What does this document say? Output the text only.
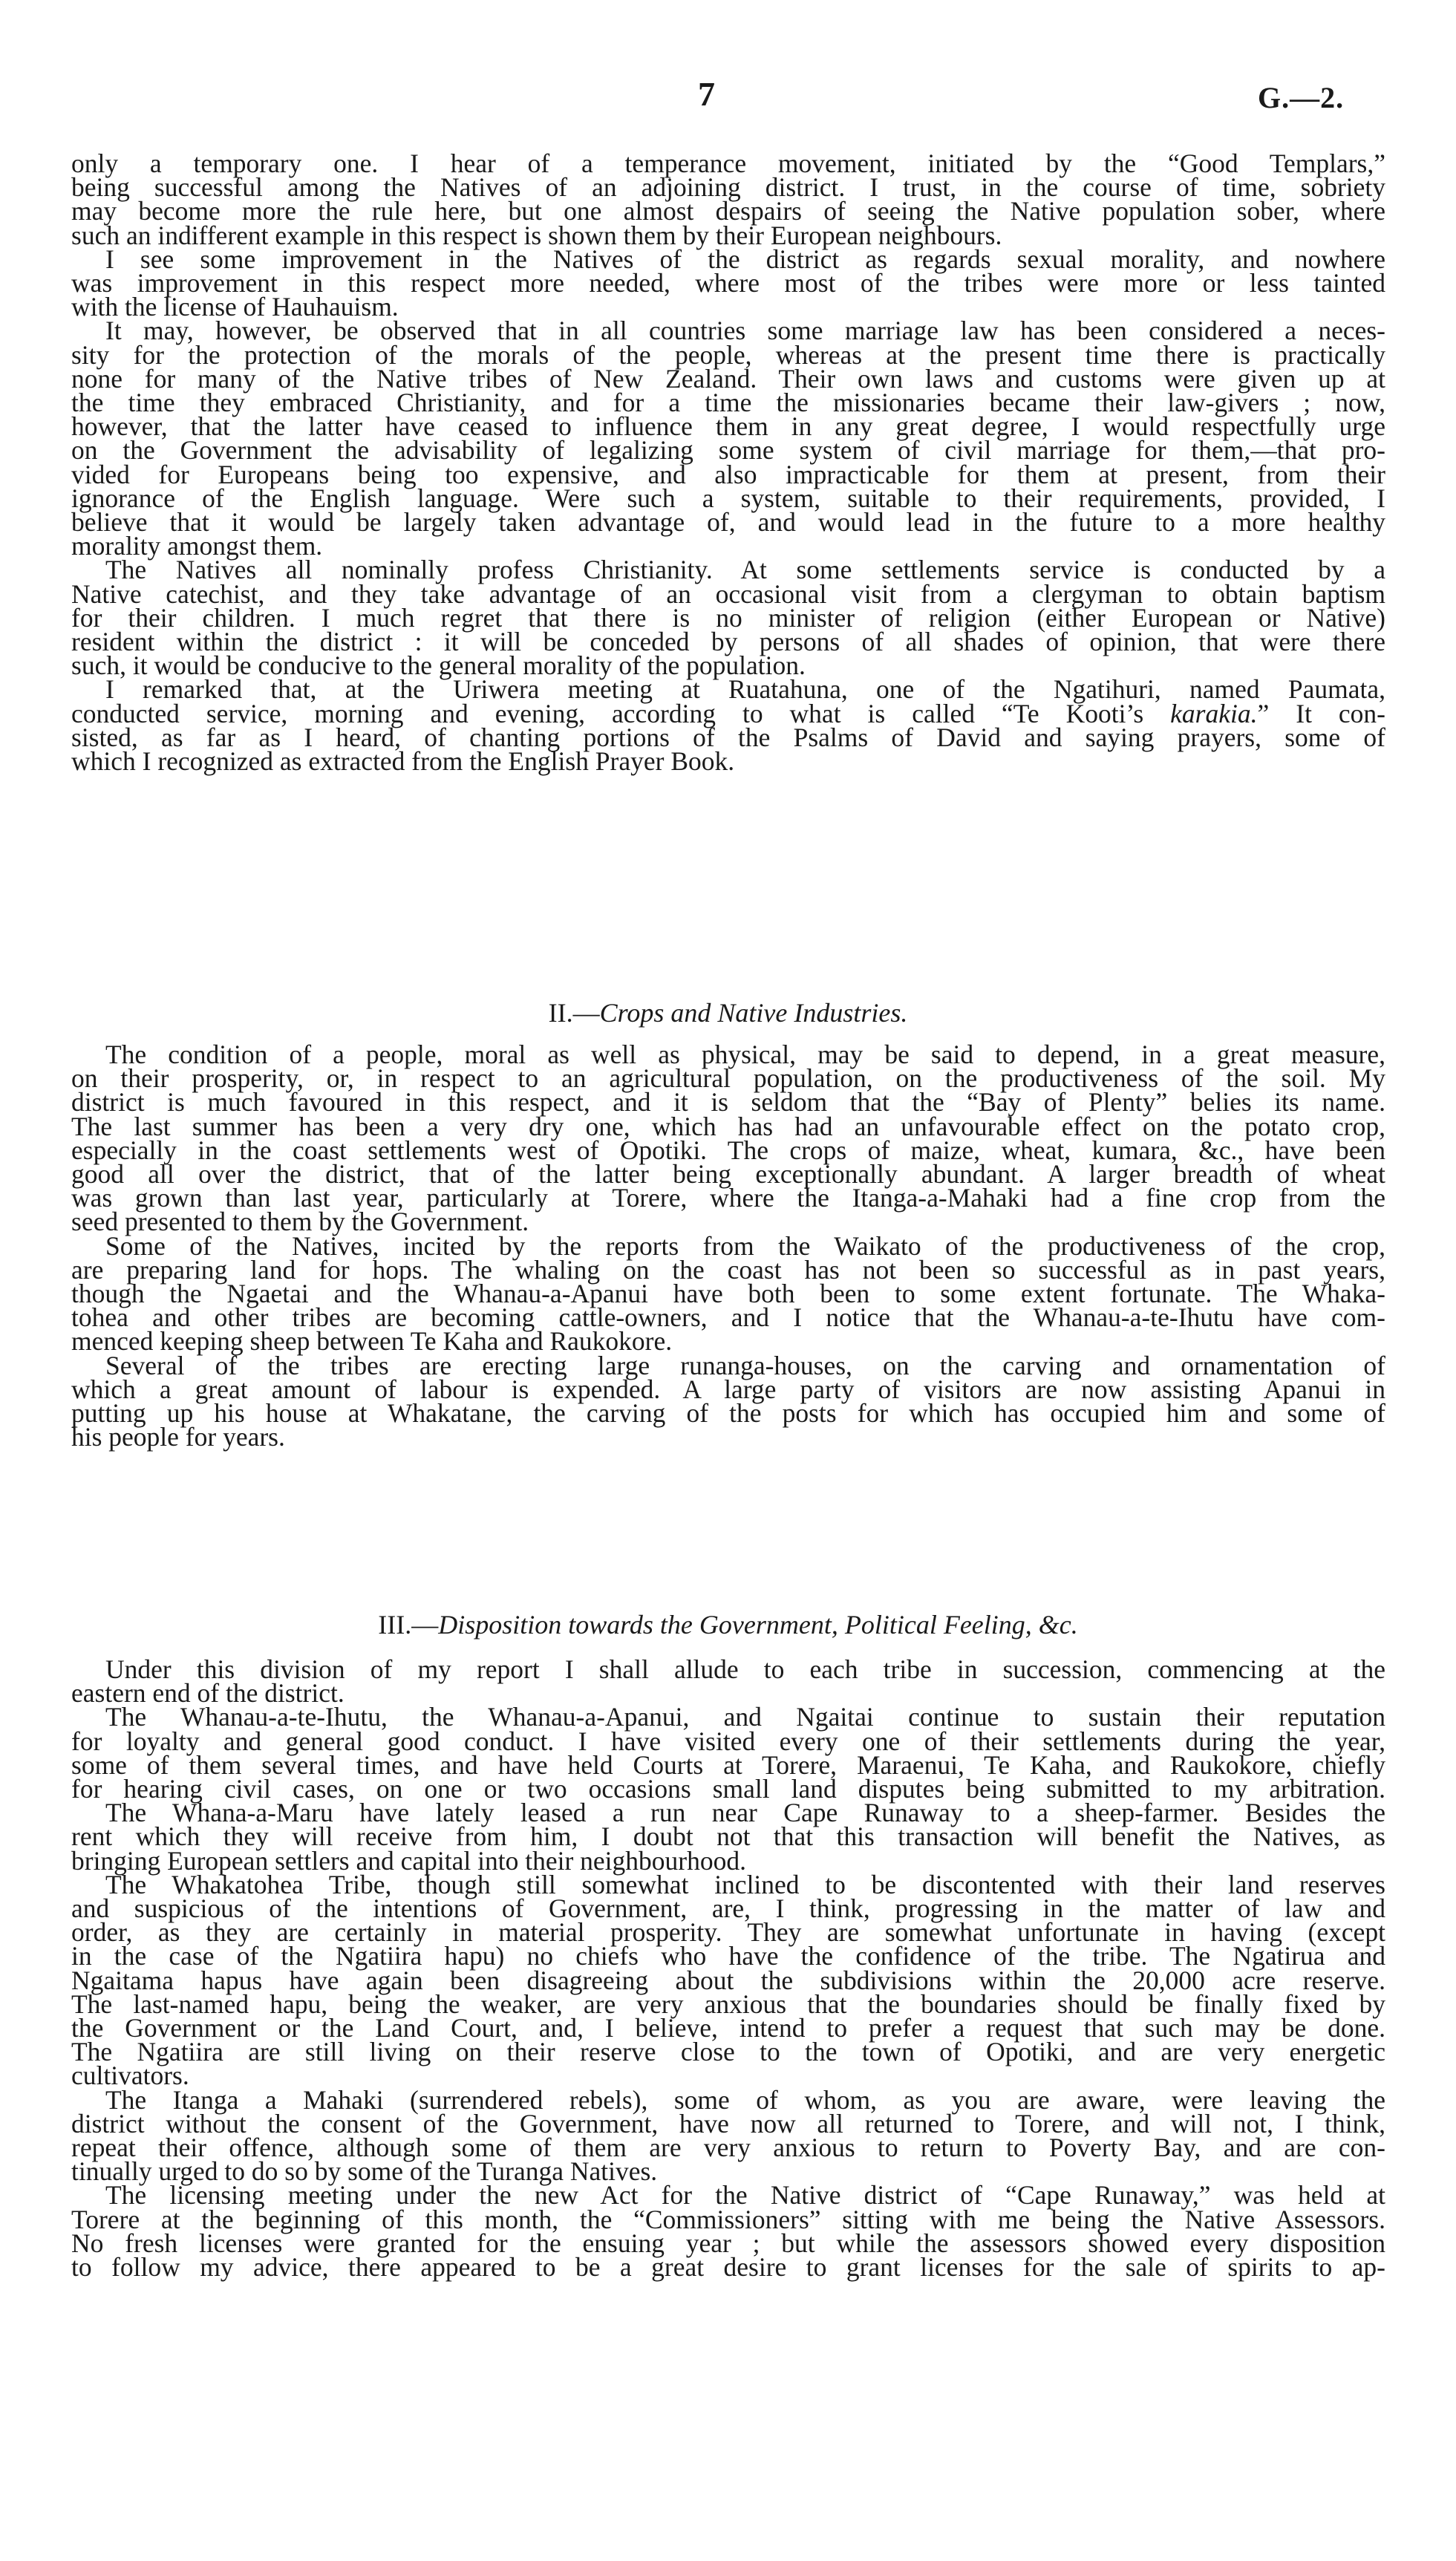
7	G.—2.
only a temporary one. I hear of a temperance movement, initiated by the “Good Templars,”
being successful among the Natives of an adjoining district. I trust, in the course of time, sobriety
may become more the rule here, but one almost despairs of seeing the Native population sober, where
such an indifferent example in this respect is shown them by their European neighbours.
I see some improvement in the Natives of the district as regards sexual morality, and nowhere
was improvement in this respect more needed, where most of the tribes were more or less tainted
with the license of Hauhauism.
It may, however, be observed that in all countries some marriage law has been considered a neces-
sity for the protection of the morals of the people, whereas at the present time there is practically
none for many of the Native tribes of New Zealand. Their own laws and customs were given up at
the time they embraced Christianity, and for a time the missionaries became their law-givers ; now,
however, that the latter have ceased to influence them in any great degree, I would respectfully urge
on the Government the advisability of legalizing some system of civil marriage for them,—that pro-
vided for Europeans being too expensive, and also impracticable for them at present, from their
ignorance of the English language. Were such a system, suitable to their requirements, provided, I
believe that it would be largely taken advantage of, and would lead in the future to a more healthy
morality amongst them.
The Natives all nominally profess Christianity. At some settlements service is conducted by a
Native catechist, and they take advantage of an occasional visit from a clergyman to obtain baptism
for their children. I much regret that there is no minister of religion (either European or Native)
resident within the district : it will be conceded by persons of all shades of opinion, that were there
such, it would be conducive to the general morality of the population.
I remarked that, at the Uriwera meeting at Ruatahuna, one of the Ngatihuri, named Paumata,
conducted service, morning and evening, according to what is called “Te Kooti’s karakia.” It con-
sisted, as far as I heard, of chanting portions of the Psalms of David and saying prayers, some of
which I recognized as extracted from the English Prayer Book.
II.—Crops and Native Industries.
The condition of a people, moral as well as physical, may be said to depend, in a great measure,
on their prosperity, or, in respect to an agricultural population, on the productiveness of the soil. My
district is much favoured in this respect, and it is seldom that the “Bay of Plenty” belies its name.
The last summer has been a very dry one, which has had an unfavourable effect on the potato crop,
especially in the coast settlements west of Opotiki. The crops of maize, wheat, kumara, &c., have been
good all over the district, that of the latter being exceptionally abundant. A larger breadth of wheat
was grown than last year, particularly at Torere, where the Itanga-a-Mahaki had a fine crop from the
seed presented to them by the Government.
Some of the Natives, incited by the reports from the Waikato of the productiveness of the crop,
are preparing land for hops. The whaling on the coast has not been so successful as in past years,
though the Ngaetai and the Whanau-a-Apanui have both been to some extent fortunate. The Whaka-
tohea and other tribes are becoming cattle-owners, and I notice that the Whanau-a-te-Ihutu have com-
menced keeping sheep between Te Kaha and Raukokore.
Several of the tribes are erecting large runanga-houses, on the carving and ornamentation of
which a great amount of labour is expended. A large party of visitors are now assisting Apanui in
putting up his house at Whakatane, the carving of the posts for which has occupied him and some of
his people for years.
III.—Disposition towards the Government, Political Feeling, &c.
Under this division of my report I shall allude to each tribe in succession, commencing at the
eastern end of the district.
The Whanau-a-te-Ihutu, the Whanau-a-Apanui, and Ngaitai continue to sustain their reputation
for loyalty and general good conduct. I have visited every one of their settlements during the year,
some of them several times, and have held Courts at Torere, Maraenui, Te Kaha, and Raukokore, chiefly
for hearing civil cases, on one or two occasions small land disputes being submitted to my arbitration.
The Whana-a-Maru have lately leased a run near Cape Runaway to a sheep-farmer. Besides the
rent which they will receive from him, I doubt not that this transaction will benefit the Natives, as
bringing European settlers and capital into their neighbourhood.
The Whakatohea Tribe, though still somewhat inclined to be discontented with their land reserves
and suspicious of the intentions of Government, are, I think, progressing in the matter of law and
order, as they are certainly in material prosperity. They are somewhat unfortunate in having (except
in the case of the Ngatiira hapu) no chiefs who have the confidence of the tribe. The Ngatirua and
Ngaitama hapus have again been disagreeing about the subdivisions within the 20,000 acre reserve.
The last-named hapu, being the weaker, are very anxious that the boundaries should be finally fixed by
the Government or the Land Court, and, I believe, intend to prefer a request that such may be done.
The Ngatiira are still living on their reserve close to the town of Opotiki, and are very energetic
cultivators.
The Itanga a Mahaki (surrendered rebels), some of whom, as you are aware, were leaving the
district without the consent of the Government, have now all returned to Torere, and will not, I think,
repeat their offence, although some of them are very anxious to return to Poverty Bay, and are con-
tinually urged to do so by some of the Turanga Natives.
The licensing meeting under the new Act for the Native district of “Cape Runaway,” was held at
Torere at the beginning of this month, the “Commissioners” sitting with me being the Native Assessors.
No fresh licenses were granted for the ensuing year ; but while the assessors showed every disposition
to follow my advice, there appeared to be a great desire to grant licenses for the sale of spirits to ap-
